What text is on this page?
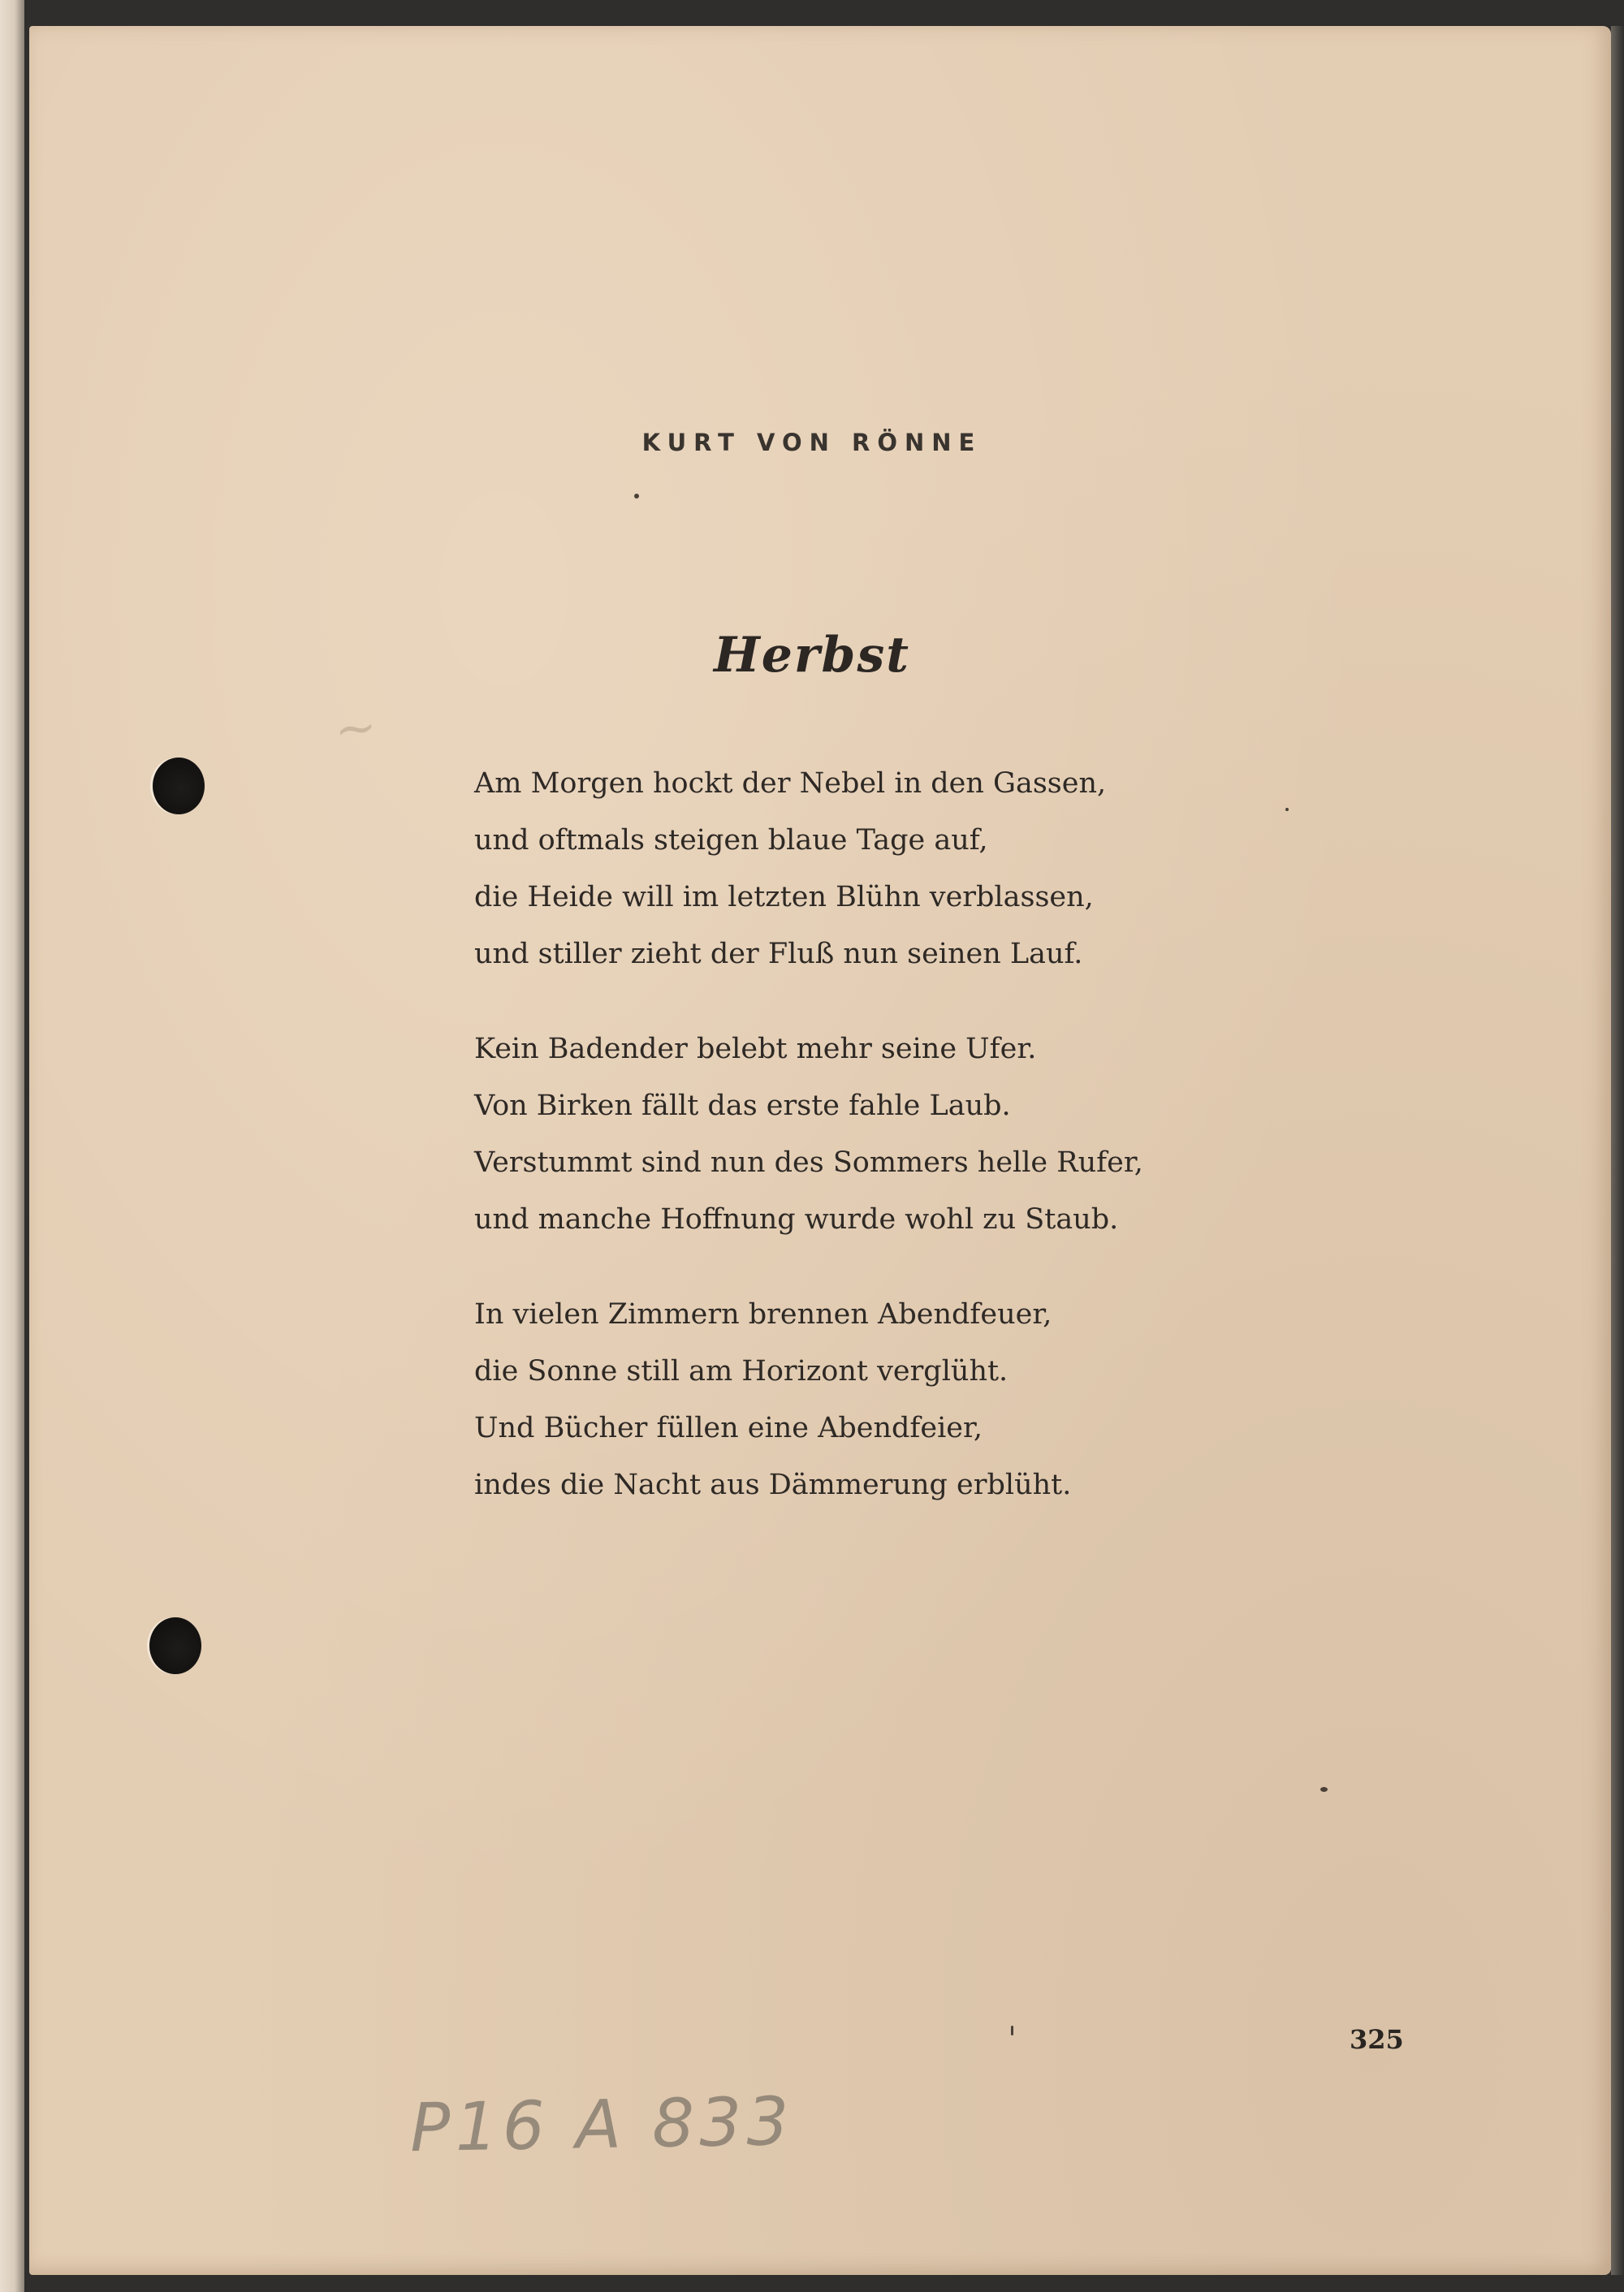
~
KURT VON RÖNNE
Herbst
Am Morgen hockt der Nebel in den Gassen,
und oftmals steigen blaue Tage auf,
die Heide will im letzten Blühn verblassen,
und stiller zieht der Fluß nun seinen Lauf.
Kein Badender belebt mehr seine Ufer.
Von Birken fällt das erste fahle Laub.
Verstummt sind nun des Sommers helle Rufer,
und manche Hoffnung wurde wohl zu Staub.
In vielen Zimmern brennen Abendfeuer,
die Sonne still am Horizont verglüht.
Und Bücher füllen eine Abendfeier,
indes die Nacht aus Dämmerung erblüht.
325
P16 A 833
